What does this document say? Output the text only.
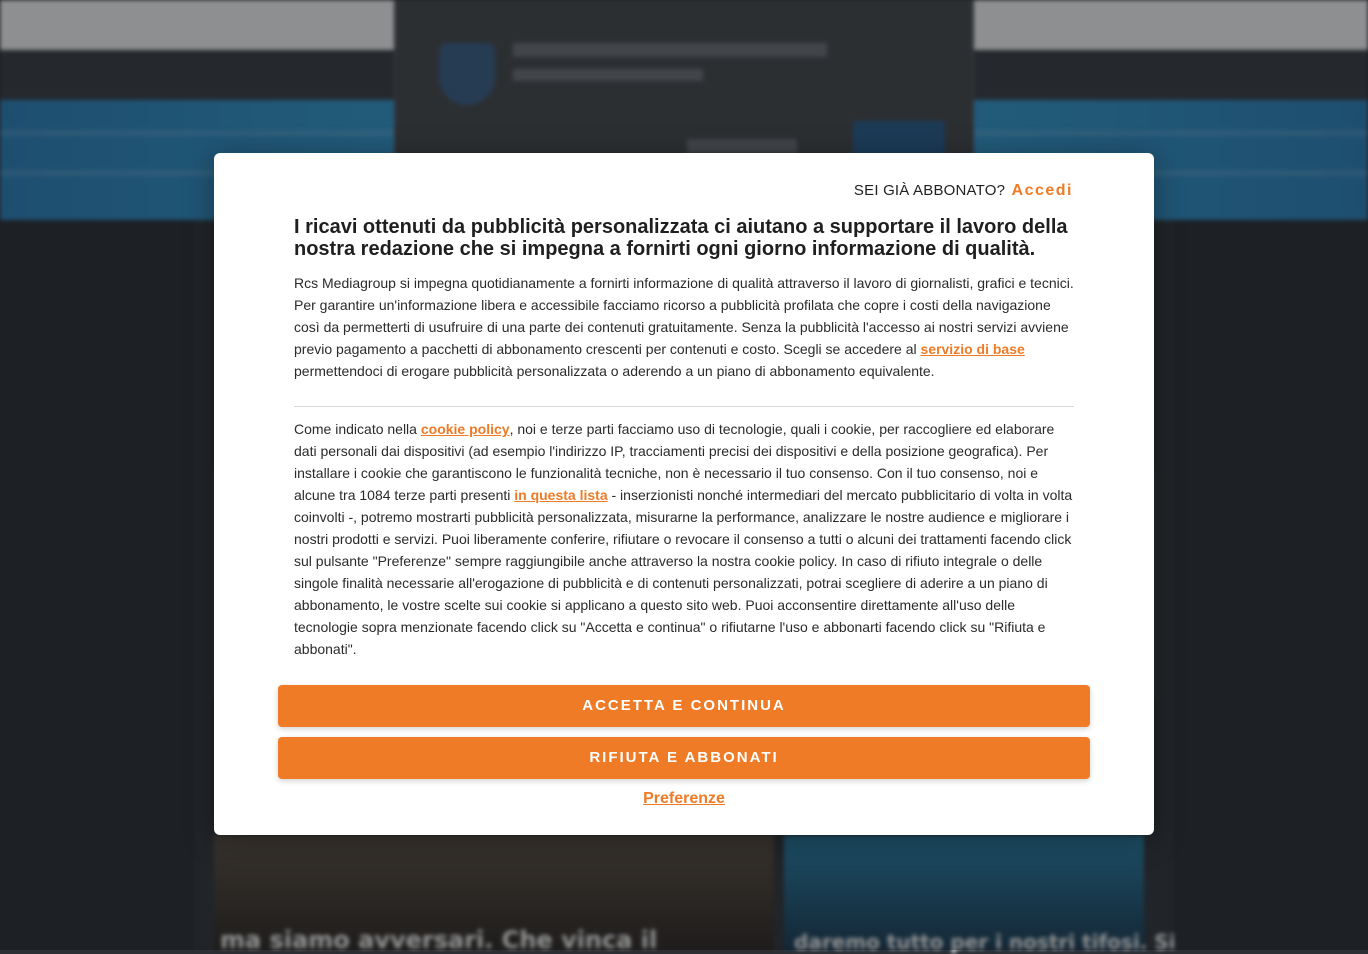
ma siamo avversari. Che vinca il	daremo tutto per i nostri tifosi. Si
SEI GIÀ ABBONATO? Accedi
I ricavi ottenuti da pubblicità personalizzata ci aiutano a supportare il lavoro della nostra redazione che si impegna a fornirti ogni giorno informazione di qualità.

Rcs Mediagroup si impegna quotidianamente a fornirti informazione di qualità attraverso il lavoro di giornalisti, grafici e tecnici. Per garantire un'informazione libera e accessibile facciamo ricorso a pubblicità profilata che copre i costi della navigazione così da permetterti di usufruire di una parte dei contenuti gratuitamente. Senza la pubblicità l'accesso ai nostri servizi avviene previo pagamento a pacchetti di abbonamento crescenti per contenuti e costo. Scegli se accedere al servizio di base permettendoci di erogare pubblicità personalizzata o aderendo a un piano di abbonamento equivalente.

Come indicato nella cookie policy, noi e terze parti facciamo uso di tecnologie, quali i cookie, per raccogliere ed elaborare dati personali dai dispositivi (ad esempio l'indirizzo IP, tracciamenti precisi dei dispositivi e della posizione geografica). Per installare i cookie che garantiscono le funzionalità tecniche, non è necessario il tuo consenso. Con il tuo consenso, noi e alcune tra 1084 terze parti presenti in questa lista - inserzionisti nonché intermediari del mercato pubblicitario di volta in volta coinvolti -, potremo mostrarti pubblicità personalizzata, misurarne la performance, analizzare le nostre audience e migliorare i nostri prodotti e servizi. Puoi liberamente conferire, rifiutare o revocare il consenso a tutti o alcuni dei trattamenti facendo click sul pulsante "Preferenze" sempre raggiungibile anche attraverso la nostra cookie policy. In caso di rifiuto integrale o delle singole finalità necessarie all'erogazione di pubblicità e di contenuti personalizzati, potrai scegliere di aderire a un piano di abbonamento, le vostre scelte sui cookie si applicano a questo sito web. Puoi acconsentire direttamente all'uso delle tecnologie sopra menzionate facendo click su "Accetta e continua" o rifiutarne l'uso e abbonarti facendo click su "Rifiuta e abbonati".

ACCETTA E CONTINUA
RIFIUTA E ABBONATI
Preferenze
